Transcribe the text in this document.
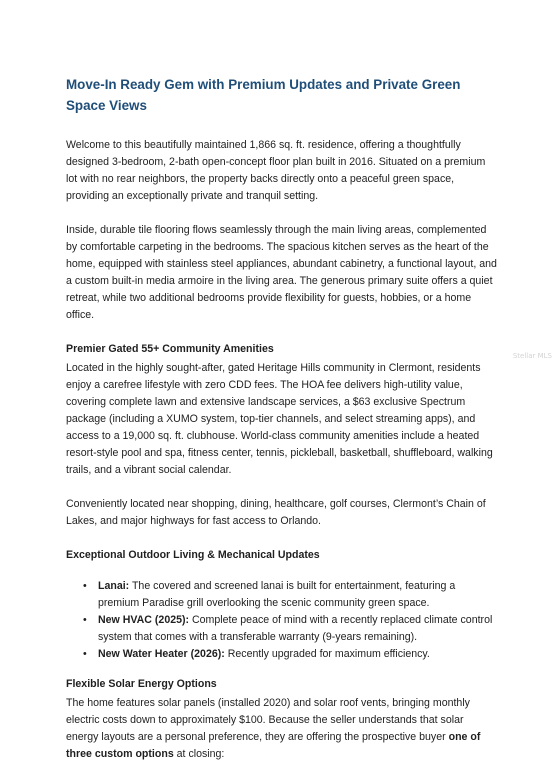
Move-In Ready Gem with Premium Updates and Private Green Space Views

Welcome to this beautifully maintained 1,866 sq. ft. residence, offering a thoughtfully designed 3-bedroom, 2-bath open-concept floor plan built in 2016. Situated on a premium lot with no rear neighbors, the property backs directly onto a peaceful green space, providing an exceptionally private and tranquil setting.

Inside, durable tile flooring flows seamlessly through the main living areas, complemented by comfortable carpeting in the bedrooms. The spacious kitchen serves as the heart of the home, equipped with stainless steel appliances, abundant cabinetry, a functional layout, and a custom built-in media armoire in the living area. The generous primary suite offers a quiet retreat, while two additional bedrooms provide flexibility for guests, hobbies, or a home office.

Premier Gated 55+ Community Amenities

Located in the highly sought-after, gated Heritage Hills community in Clermont, residents enjoy a carefree lifestyle with zero CDD fees. The HOA fee delivers high-utility value, covering complete lawn and extensive landscape services, a $63 exclusive Spectrum package (including a XUMO system, top-tier channels, and select streaming apps), and access to a 19,000 sq. ft. clubhouse. World-class community amenities include a heated resort-style pool and spa, fitness center, tennis, pickleball, basketball, shuffleboard, walking trails, and a vibrant social calendar.

Conveniently located near shopping, dining, healthcare, golf courses, Clermont’s Chain of Lakes, and major highways for fast access to Orlando.

Exceptional Outdoor Living & Mechanical Updates
• Lanai: The covered and screened lanai is built for entertainment, featuring a premium Paradise grill overlooking the scenic community green space.
• New HVAC (2025): Complete peace of mind with a recently replaced climate control system that comes with a transferable warranty (9-years remaining).
• New Water Heater (2026): Recently upgraded for maximum efficiency.
Flexible Solar Energy Options

The home features solar panels (installed 2020) and solar roof vents, bringing monthly electric costs down to approximately $100. Because the seller understands that solar energy layouts are a personal preference, they are offering the prospective buyer one of three custom options at closing:

Stellar MLS
